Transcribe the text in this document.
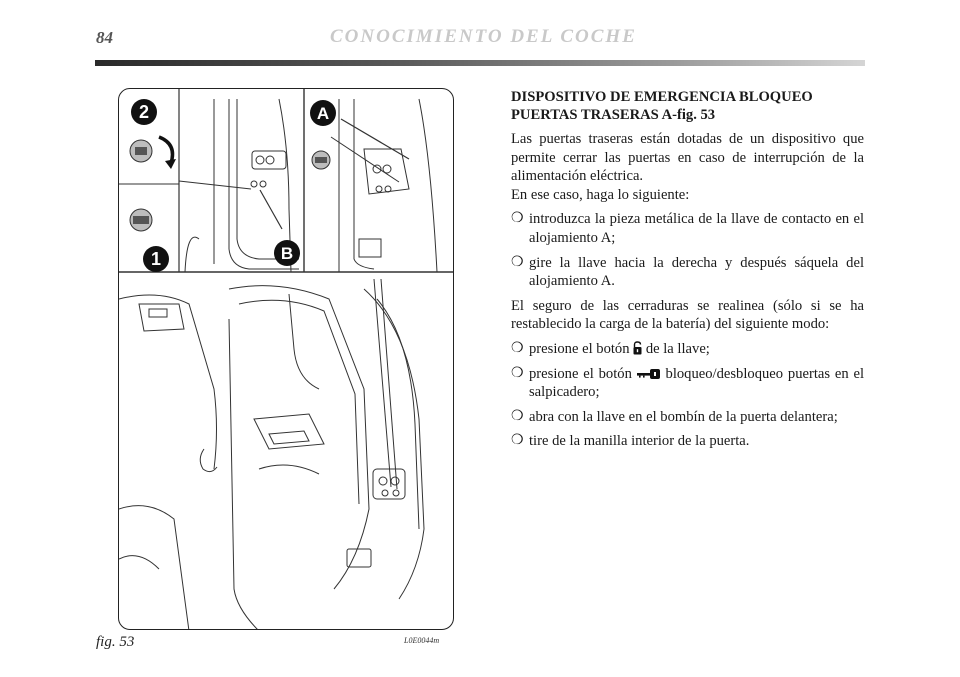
84	CONOCIMIENTO DEL COCHE
2
1
A
B
fig. 53	L0E0044m
DISPOSITIVO DE EMERGENCIA BLOQUEO
PUERTAS TRASERAS A-fig. 53
Las puertas traseras están dotadas de un dispositivo que permite cerrar las puertas en caso de interrupción de la alimentación eléctrica.
En ese caso, haga lo siguiente:
❍ introduzca la pieza metálica de la llave de contacto en el alojamiento A;
❍ gire la llave hacia la derecha y después sáquela del alojamiento A.
El seguro de las cerraduras se realinea (sólo si se ha restablecido la carga de la batería) del siguiente modo:
❍ presione el botón de la llave;
❍ presione el botón bloqueo/desbloqueo puertas en el salpicadero;
❍ abra con la llave en el bombín de la puerta delantera;
❍ tire de la manilla interior de la puerta.
